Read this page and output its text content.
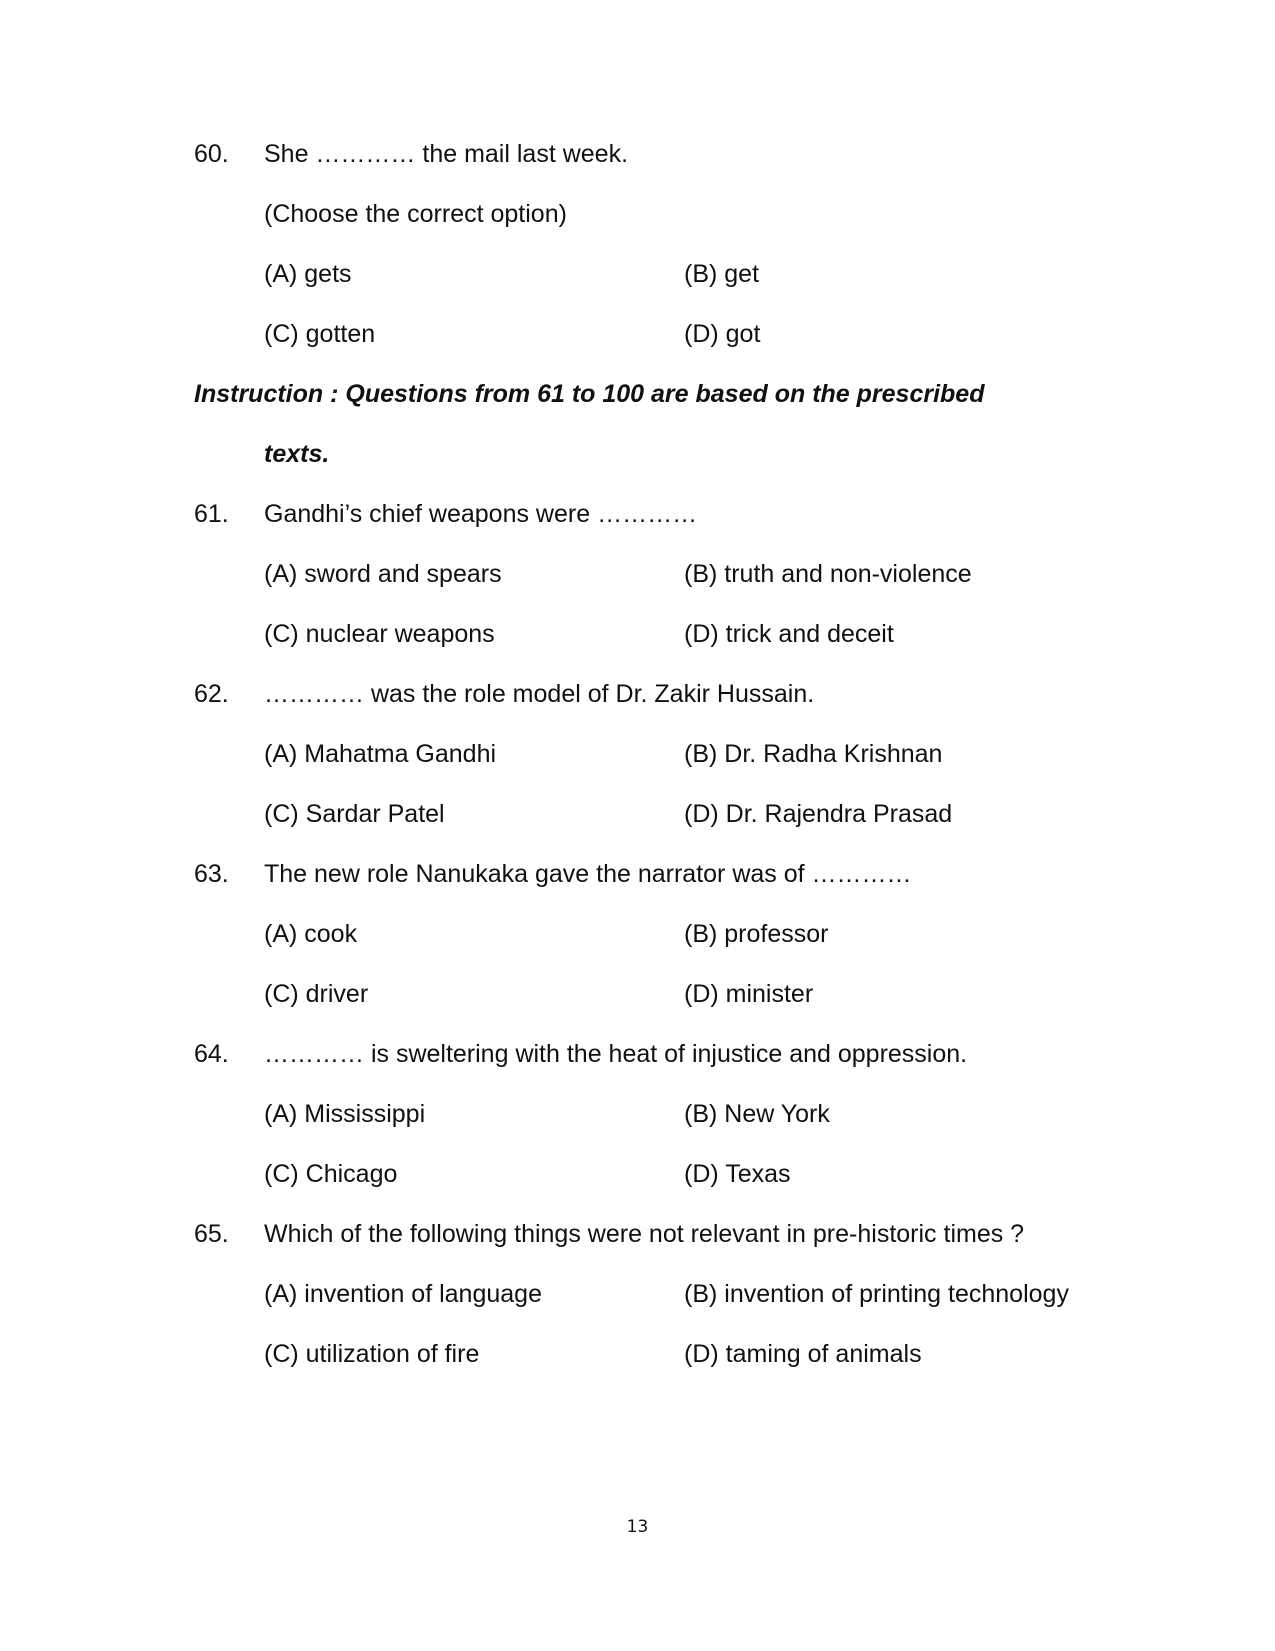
60. She ………… the mail last week.
(Choose the correct option)
(A) gets	(B) get
(C) gotten	(D) got
Instruction : Questions from 61 to 100 are based on the prescribed
texts.
61. Gandhi’s chief weapons were …………
(A) sword and spears	(B) truth and non-violence
(C) nuclear weapons	(D) trick and deceit
62. ………… was the role model of Dr. Zakir Hussain.
(A) Mahatma Gandhi	(B) Dr. Radha Krishnan
(C) Sardar Patel	(D) Dr. Rajendra Prasad
63. The new role Nanukaka gave the narrator was of …………
(A) cook	(B) professor
(C) driver	(D) minister
64. ………… is sweltering with the heat of injustice and oppression.
(A) Mississippi	(B) New York
(C) Chicago	(D) Texas
65. Which of the following things were not relevant in pre-historic times ?
(A) invention of language	(B) invention of printing technology
(C) utilization of fire	(D) taming of animals
13
